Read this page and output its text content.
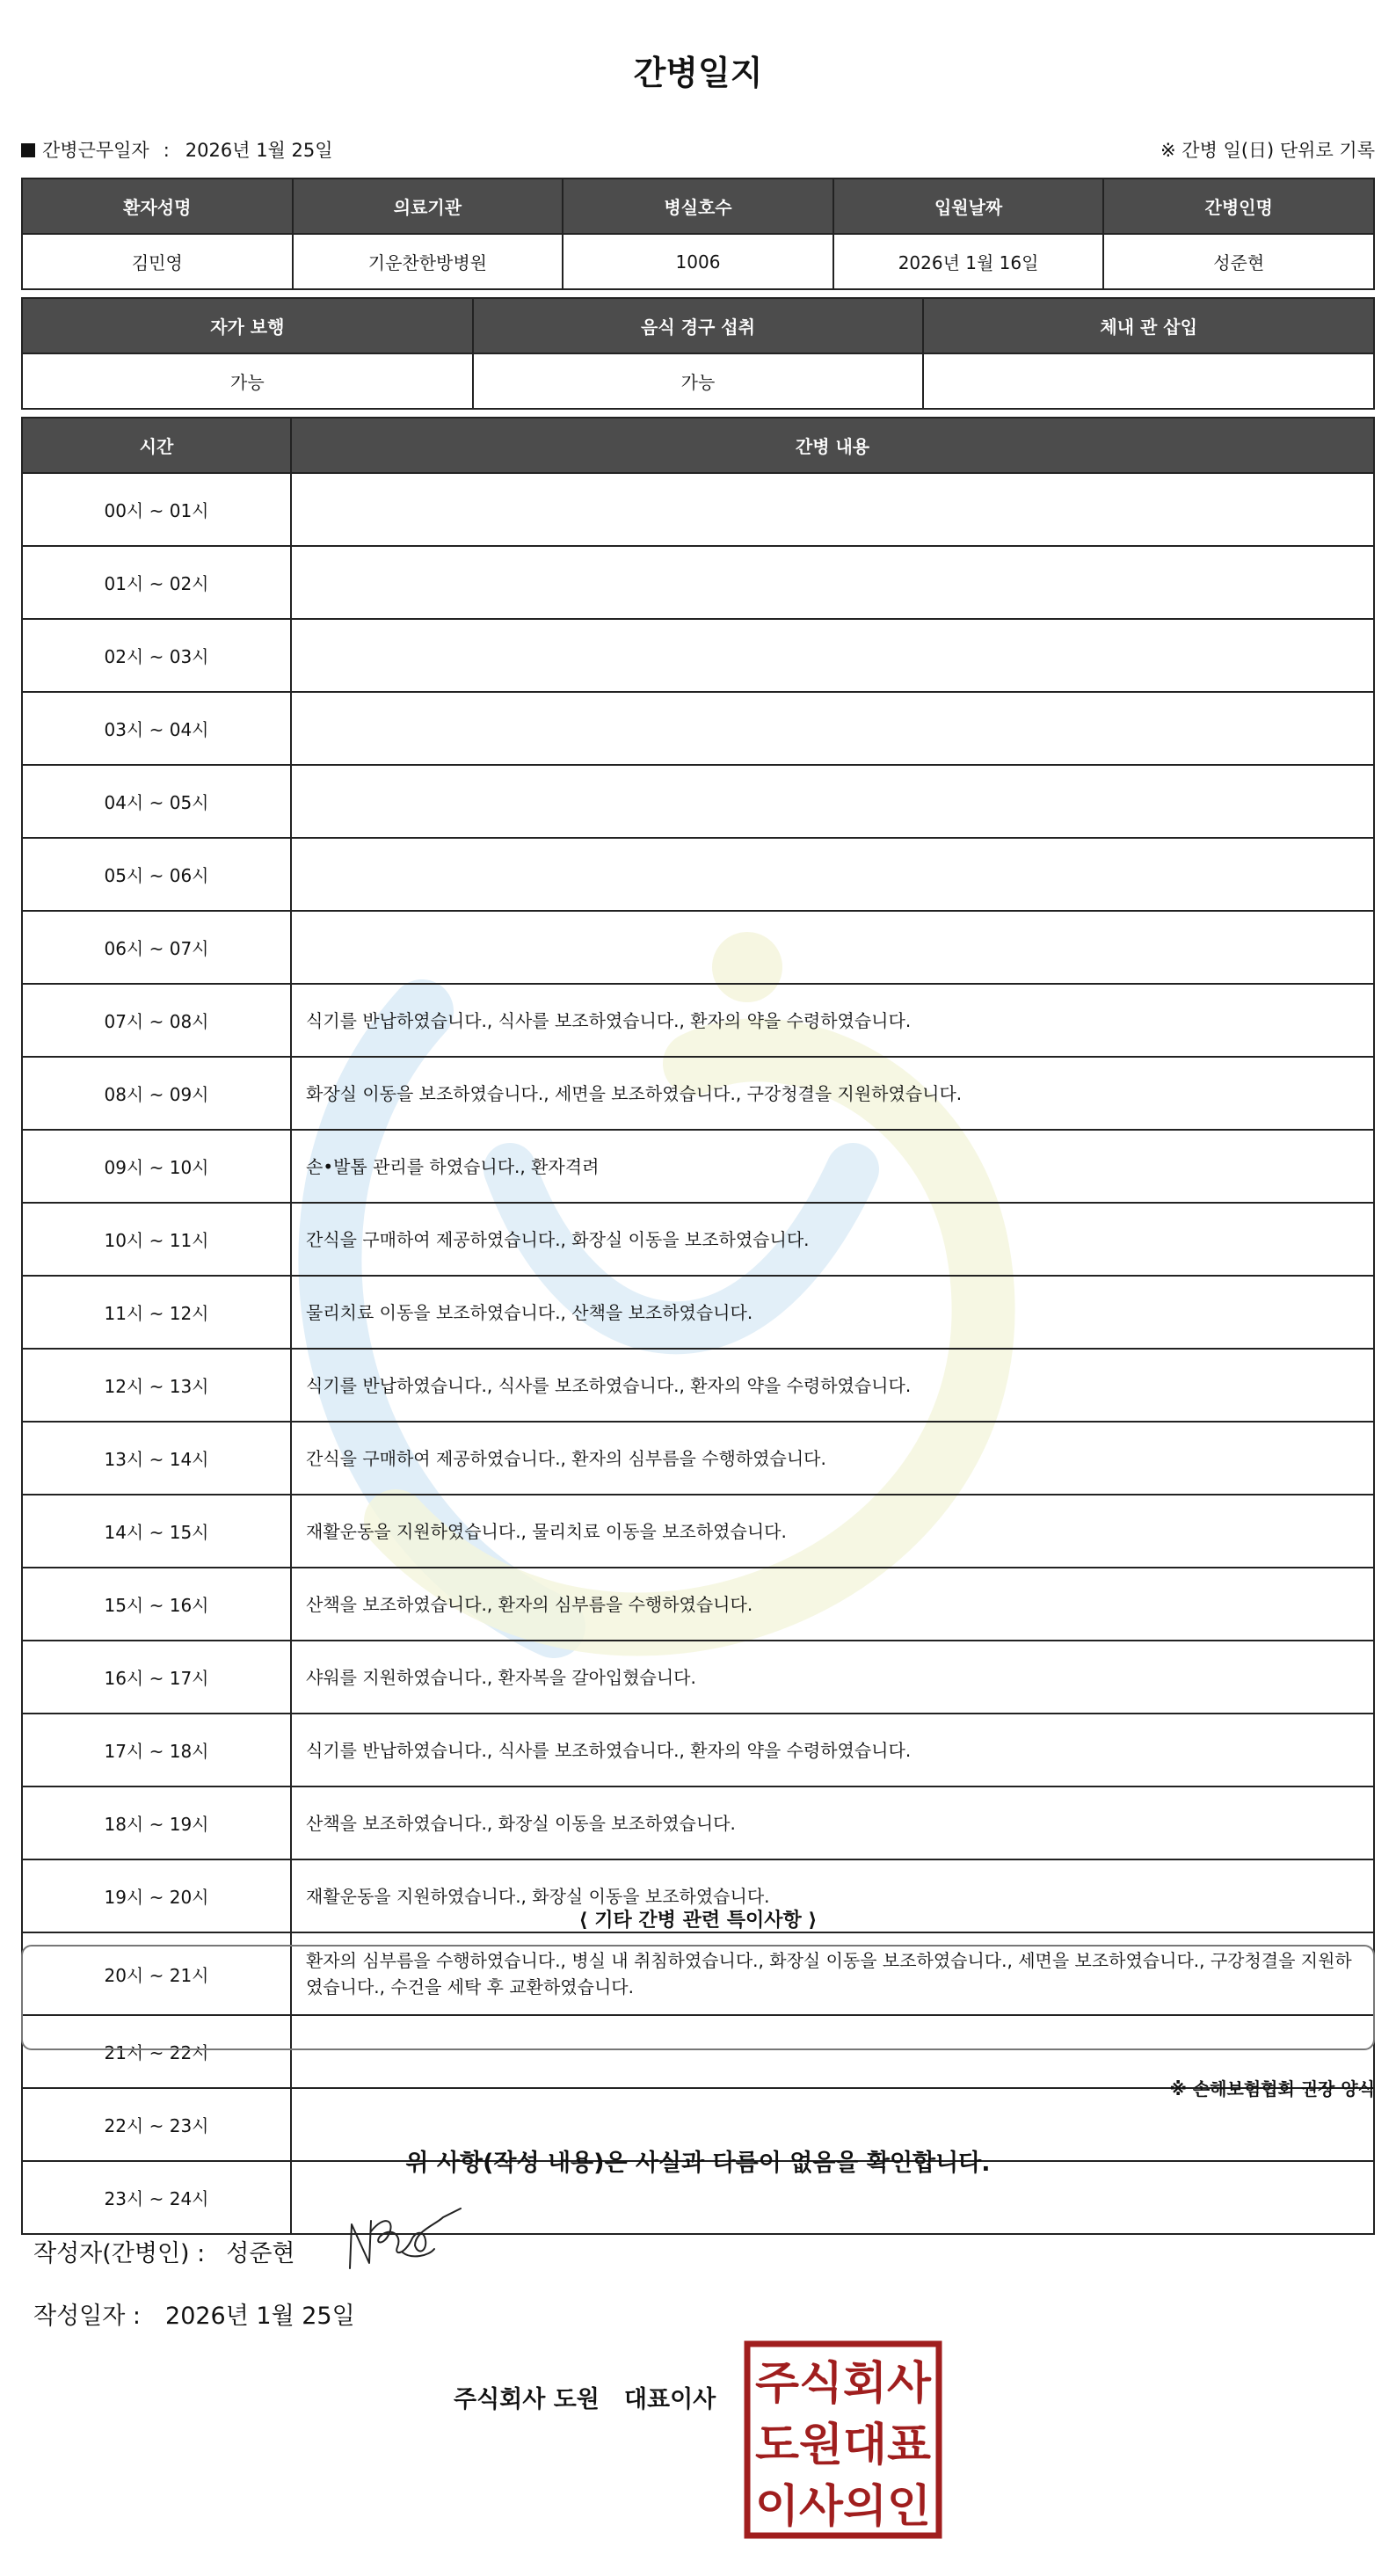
간병일지
간병근무일자 : 2026년 1월 25일	※ 간병 일(日) 단위로 기록
환자성명	의료기관	병실호수	입원날짜	간병인명
김민영	기운찬한방병원	1006	2026년 1월 16일	성준현
자가 보행	음식 경구 섭취	체내 관 삽입
가능	가능	
시간	간병 내용
00시 ~ 01시	
01시 ~ 02시	
02시 ~ 03시	
03시 ~ 04시	
04시 ~ 05시	
05시 ~ 06시	
06시 ~ 07시	
07시 ~ 08시	식기를 반납하였습니다., 식사를 보조하였습니다., 환자의 약을 수령하였습니다.
08시 ~ 09시	화장실 이동을 보조하였습니다., 세면을 보조하였습니다., 구강청결을 지원하였습니다.
09시 ~ 10시	손•발톱 관리를 하였습니다., 환자격려
10시 ~ 11시	간식을 구매하여 제공하였습니다., 화장실 이동을 보조하였습니다.
11시 ~ 12시	물리치료 이동을 보조하였습니다., 산책을 보조하였습니다.
12시 ~ 13시	식기를 반납하였습니다., 식사를 보조하였습니다., 환자의 약을 수령하였습니다.
13시 ~ 14시	간식을 구매하여 제공하였습니다., 환자의 심부름을 수행하였습니다.
14시 ~ 15시	재활운동을 지원하였습니다., 물리치료 이동을 보조하였습니다.
15시 ~ 16시	산책을 보조하였습니다., 환자의 심부름을 수행하였습니다.
16시 ~ 17시	샤워를 지원하였습니다., 환자복을 갈아입혔습니다.
17시 ~ 18시	식기를 반납하였습니다., 식사를 보조하였습니다., 환자의 약을 수령하였습니다.
18시 ~ 19시	산책을 보조하였습니다., 화장실 이동을 보조하였습니다.
19시 ~ 20시	재활운동을 지원하였습니다., 화장실 이동을 보조하였습니다.
20시 ~ 21시	환자의 심부름을 수행하였습니다., 병실 내 취침하였습니다., 화장실 이동을 보조하였습니다., 세면을 보조하였습니다., 구강청결을 지원하였습니다., 수건을 세탁 후 교환하였습니다.
21시 ~ 22시	
22시 ~ 23시	
23시 ~ 24시	
⟨ 기타 간병 관련 특이사항 ⟩
※ 손해보험협회 권장 양식
위 사항(작성 내용)은 사실과 다름이 없음을 확인합니다.
작성자(간병인) : 성준현
작성일자 : 2026년 1월 25일
주식회사 도원 대표이사 주식회사
도원대표
이사의인
